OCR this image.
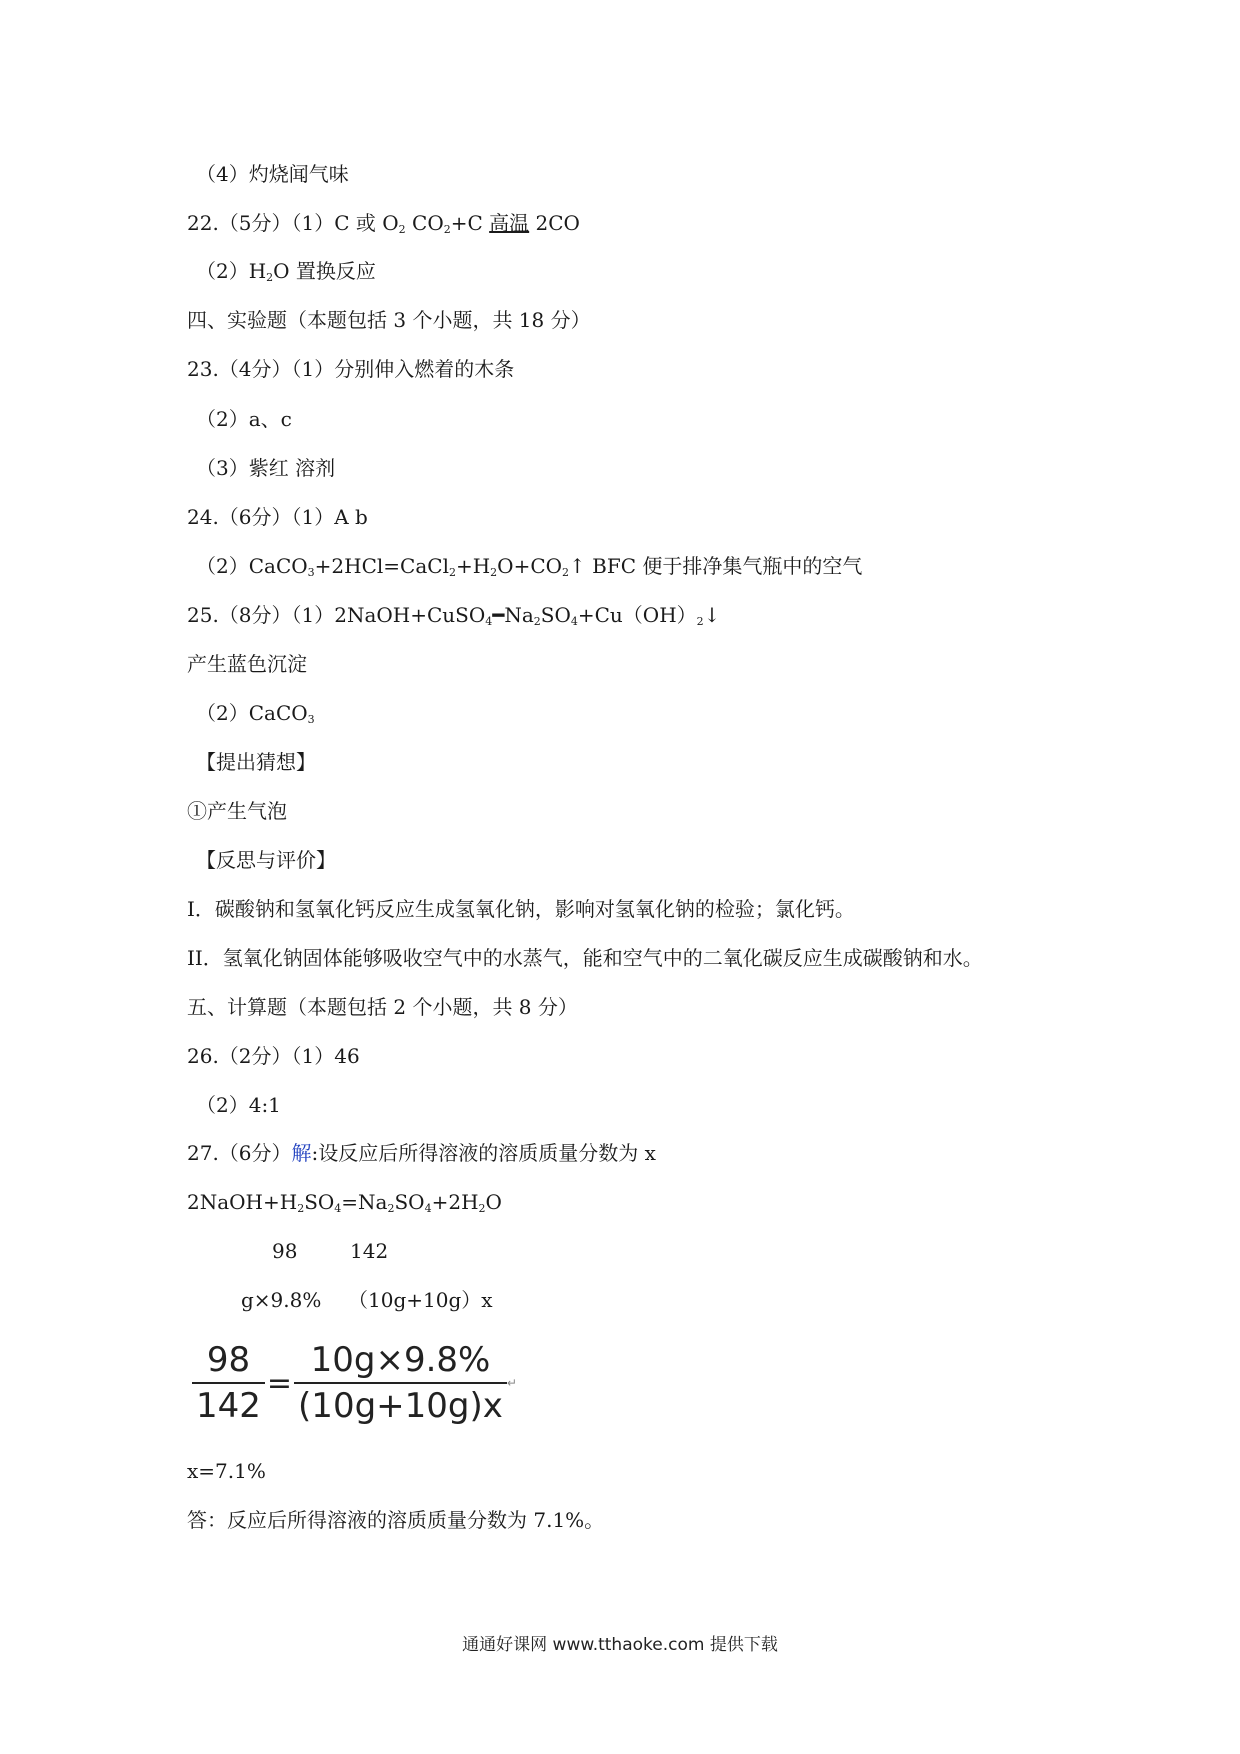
（4）灼烧闻气味
22.（5分）（1）C 或 $O_2$ $CO_2+C$ 高温 2CO
$(2)H_2O$ 置换反应
四、实验题（本题包括 3 个小题，共 18 分）
23.（4分）（1）分别伸入燃着的木条
（2）a、c
（3）紫红 溶剂
24.（6分）（1）A b
$(2)CaCO_3+2HCl=CaCl_2+H_2O+CO_2↑$ BFC 便于排净集气瓶中的空气
25.（8分）$(1)2NaOH+CuSO_4━Na_2SO_4+Cu(OH)_2↓$
产生蓝色沉淀
（2）CaCO$_3$
【提出猜想】
①产生气泡
【反思与评价】
I．碳酸钠和氢氧化钙反应生成氢氧化钠，影响对氢氧化钠的检验；氯化钙。
II．氢氧化钠固体能够吸收空气中的水蒸气，能和空气中的二氧化碳反应生成碳酸钠和水。
五、计算题（本题包括 2 个小题，共 8 分）
26.（2分）（1）46
（2）4:1
27.（6分）解:设反应后所得溶液的溶质质量分数为 x
$2NaOH+H_2SO_4=Na_2SO_4+2H_2O$
98	142
g×9.8% （10g+10g）x
$\frac{98}{142} = \frac{10g\times 9.8\%}{(10g+10g)x}$ ↵
x=7.1%
答：反应后所得溶液的溶质质量分数为 7.1%。
通通好课网 www.tthaoke.com 提供下载
